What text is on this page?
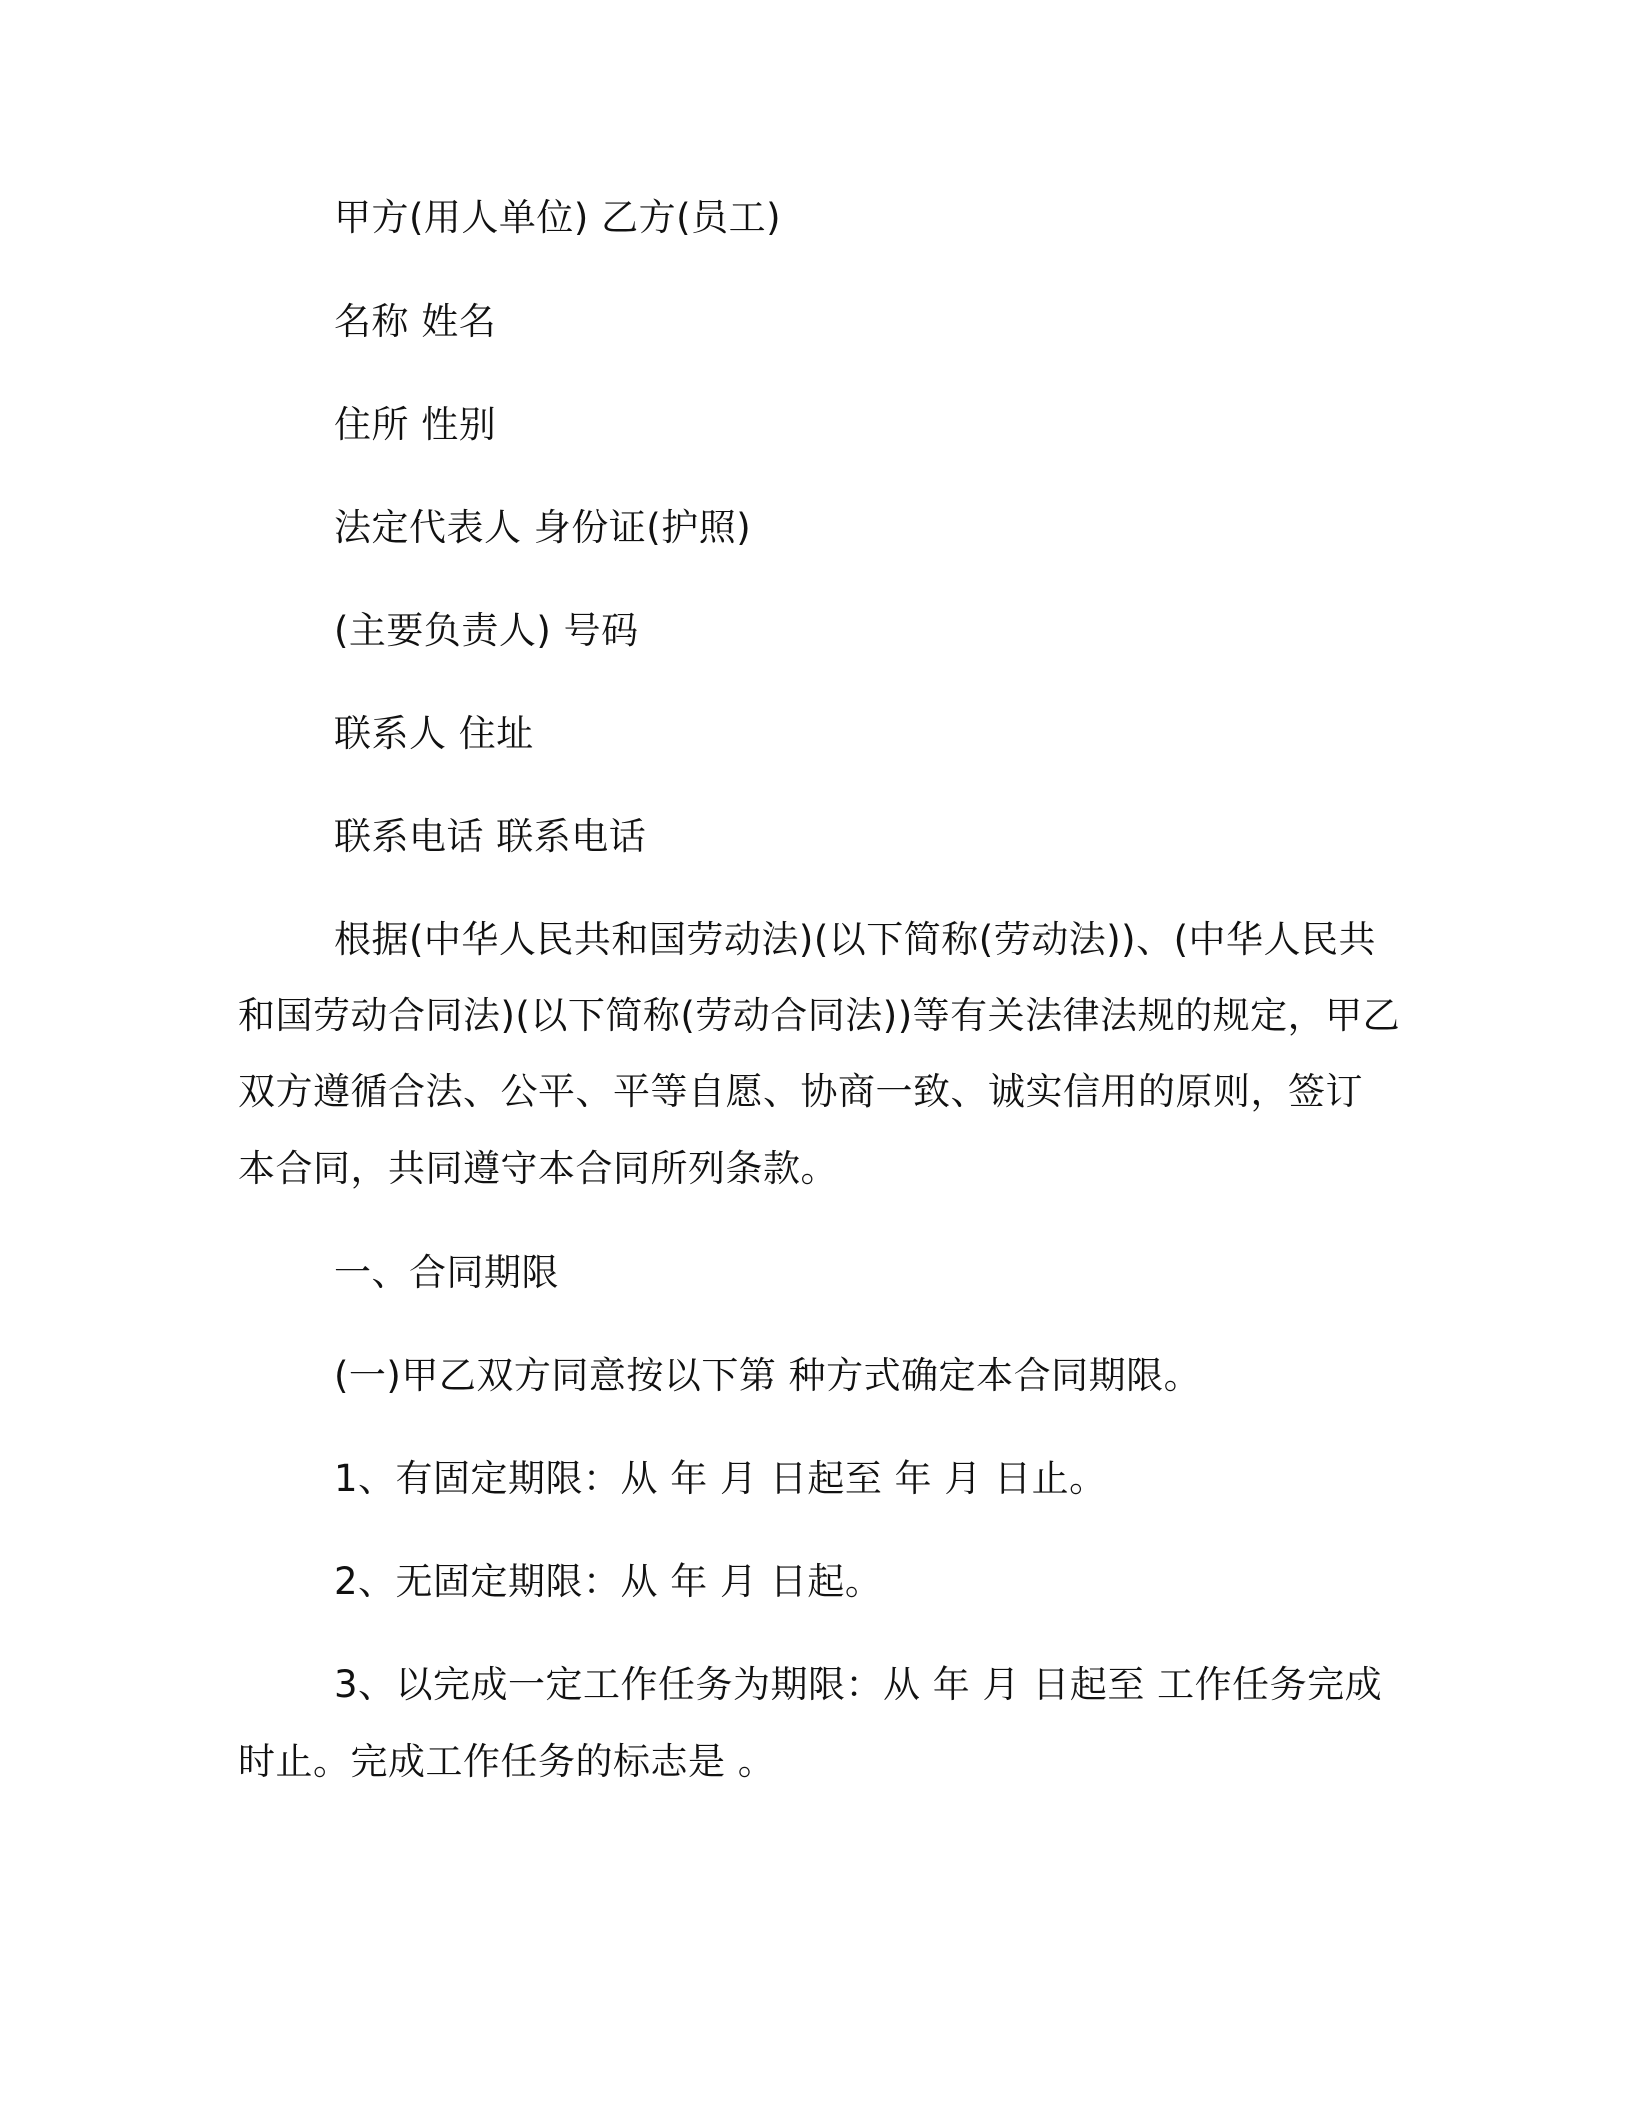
甲方(用人单位) 乙方(员工)

名称 姓名

住所 性别

法定代表人 身份证(护照)

(主要负责人) 号码

联系人 住址

联系电话 联系电话

根据(中华人民共和国劳动法)(以下简称(劳动法))、(中华人民共

和国劳动合同法)(以下简称(劳动合同法))等有关法律法规的规定，甲乙

双方遵循合法、公平、平等自愿、协商一致、诚实信用的原则，签订

本合同，共同遵守本合同所列条款。

一、合同期限

(一)甲乙双方同意按以下第 种方式确定本合同期限。

1、有固定期限：从 年 月 日起至 年 月 日止。

2、无固定期限：从 年 月 日起。

3、以完成一定工作任务为期限：从 年 月 日起至 工作任务完成

时止。完成工作任务的标志是 。
